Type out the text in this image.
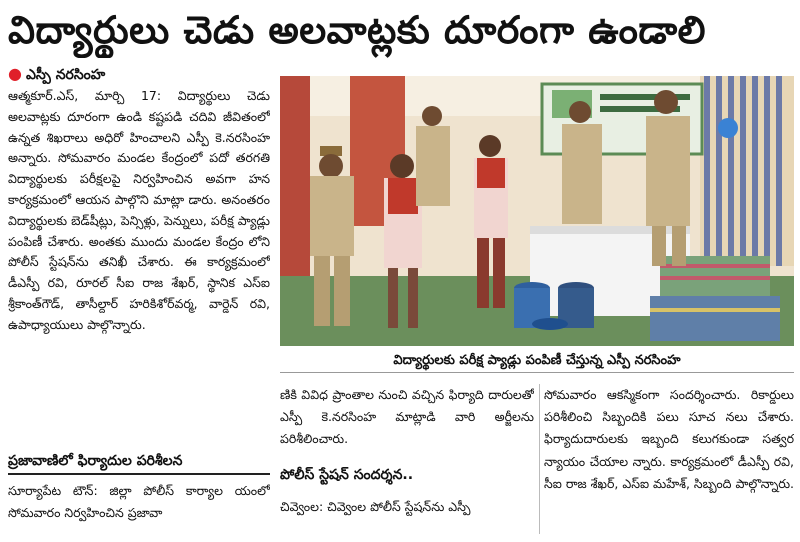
విద్యార్థులు చెడు అలవాట్లకు దూరంగా ఉండాలి
● ఎస్పీ నరసింహ
ఆత్మకూర్.ఎస్, మార్చి 17: విద్యార్థులు చెడు అలవాట్లకు దూరంగా ఉండి కష్టపడి చదివి జీవితంలో ఉన్నత శిఖరాలు అధిరో హించాలని ఎస్పీ కె.నరసింహ అన్నారు. సోమవారం మండల కేంద్రంలో పదో తరగతి విద్యార్థులకు పరీక్షలపై నిర్వహించిన అవగా హన కార్యక్రమంలో ఆయన పాల్గొని మాట్లా డారు. అనంతరం విద్యార్థులకు బెడ్‌షీట్లు, పెన్సిళ్లు, పెన్నులు, పరీక్ష ప్యాడ్లు పంపిణీ చేశారు. అంతకు ముందు మండల కేంద్రం లోని పోలీస్ స్టేషన్‌ను తనిఖీ చేశారు. ఈ కార్యక్రమంలో డీఎస్పీ రవి, రూరల్ సీఐ రాజ శేఖర్, స్థానిక ఎస్ఐ శ్రీకాంత్‌గౌడ్, తాసీల్దార్ హరికిశోర్‌వర్మ, వార్డెన్ రవి, ఉపాధ్యాయులు పాల్గొన్నారు.
ప్రజావాణిలో ఫిర్యాదుల పరిశీలన
సూర్యాపేట టౌన్: జిల్లా పోలీస్ కార్యాల యంలో సోమవారం నిర్వహించిన ప్రజావా
విద్యార్థులకు పరీక్ష ప్యాడ్లు పంపిణీ చేస్తున్న ఎస్పీ నరసింహ
ణికి వివిధ ప్రాంతాల నుంచి వచ్చిన ఫిర్యాది దారులతో ఎస్పీ కె.నరసింహ మాట్లాడి వారి అర్జీలను పరిశీలించారు.
పోలీస్ స్టేషన్ సందర్శన..
చివ్వెంల: చివ్వెంల పోలీస్ స్టేషన్‌ను ఎస్పీ
సోమవారం ఆకస్మికంగా సందర్శించారు. రికార్డులు పరిశీలించి సిబ్బందికి పలు సూచ నలు చేశారు. ఫిర్యాదుదారులకు ఇబ్బంది కలుగకుండా సత్వర న్యాయం చేయాల న్నారు. కార్యక్రమంలో డీఎస్పీ రవి, సీఐ రాజ శేఖర్, ఎస్ఐ మహేశ్, సిబ్బంది పాల్గొన్నారు.
